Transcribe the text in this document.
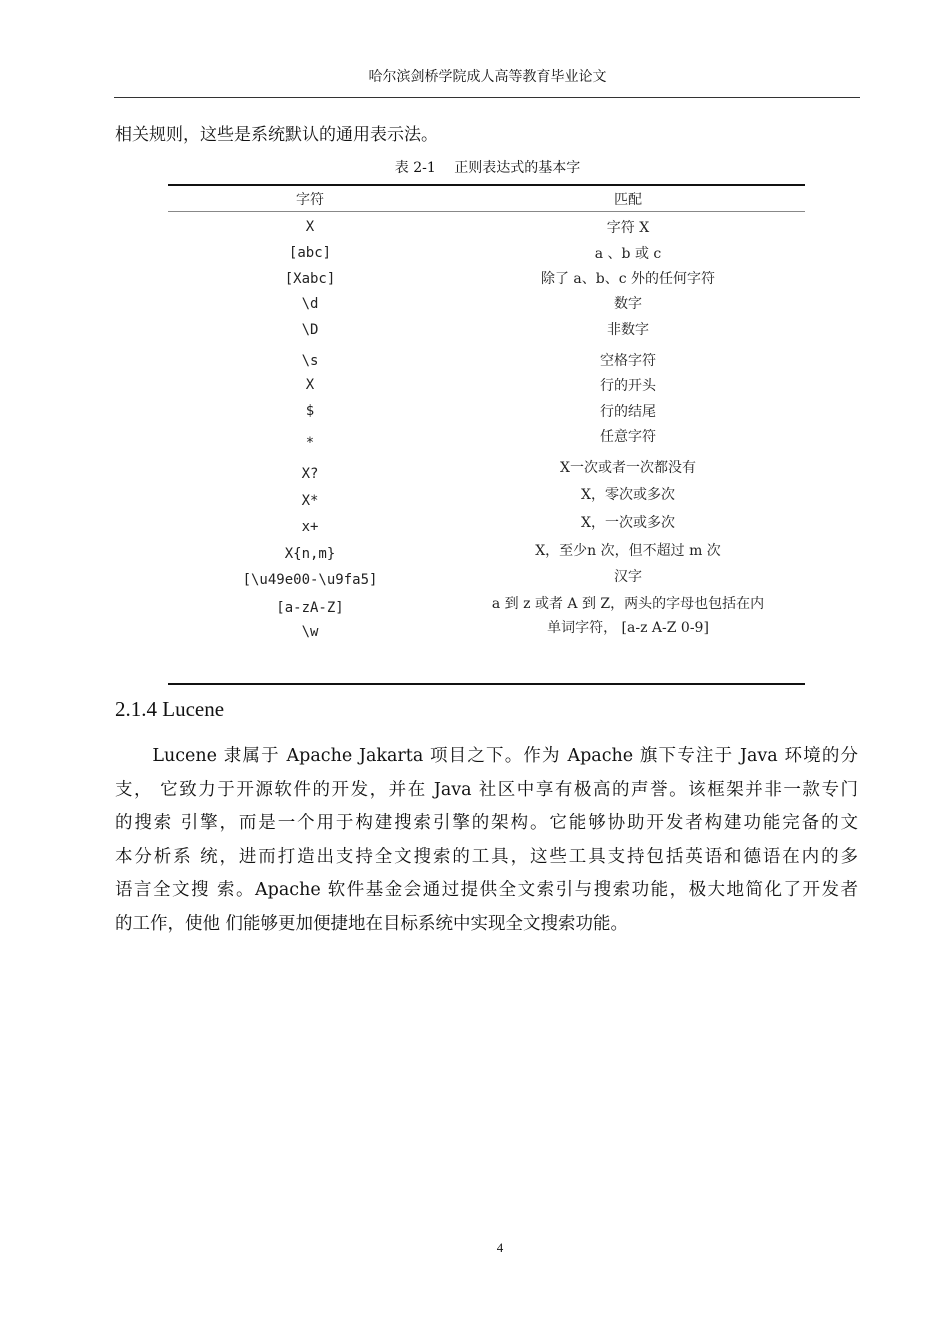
哈尔滨剑桥学院成人高等教育毕业论文
相关规则，这些是系统默认的通用表示法。
表 2-1　 正则表达式的基本字
字符	匹配
X	字符 X
[abc]	a 、b 或 c
[Xabc]	除了 a、b、c 外的任何字符
\d	数字
\D	非数字
\s	空格字符
X	行的开头
$	行的结尾
*	任意字符
X?	X一次或者一次都没有
X*	X，零次或多次
x+	X，一次或多次
X{n,m}	X，至少n 次，但不超过 m 次
[\u49e00-\u9fa5]	汉字
[a-zA-Z]	a 到 z 或者 A 到 Z，两头的字母也包括在内
\w	单词字符， [a-z A-Z 0-9]
2.1.4 Lucene
　　Lucene 隶属于 Apache Jakarta 项目之下。作为 Apache 旗下专注于 Java 环境的分
支， 它致力于开源软件的开发，并在 Java 社区中享有极高的声誉。该框架并非一款专门
的搜索 引擎，而是一个用于构建搜索引擎的架构。它能够协助开发者构建功能完备的文
本分析系 统，进而打造出支持全文搜索的工具，这些工具支持包括英语和德语在内的多
语言全文搜 索。Apache 软件基金会通过提供全文索引与搜索功能，极大地简化了开发者
的工作，使他 们能够更加便捷地在目标系统中实现全文搜索功能。
4
